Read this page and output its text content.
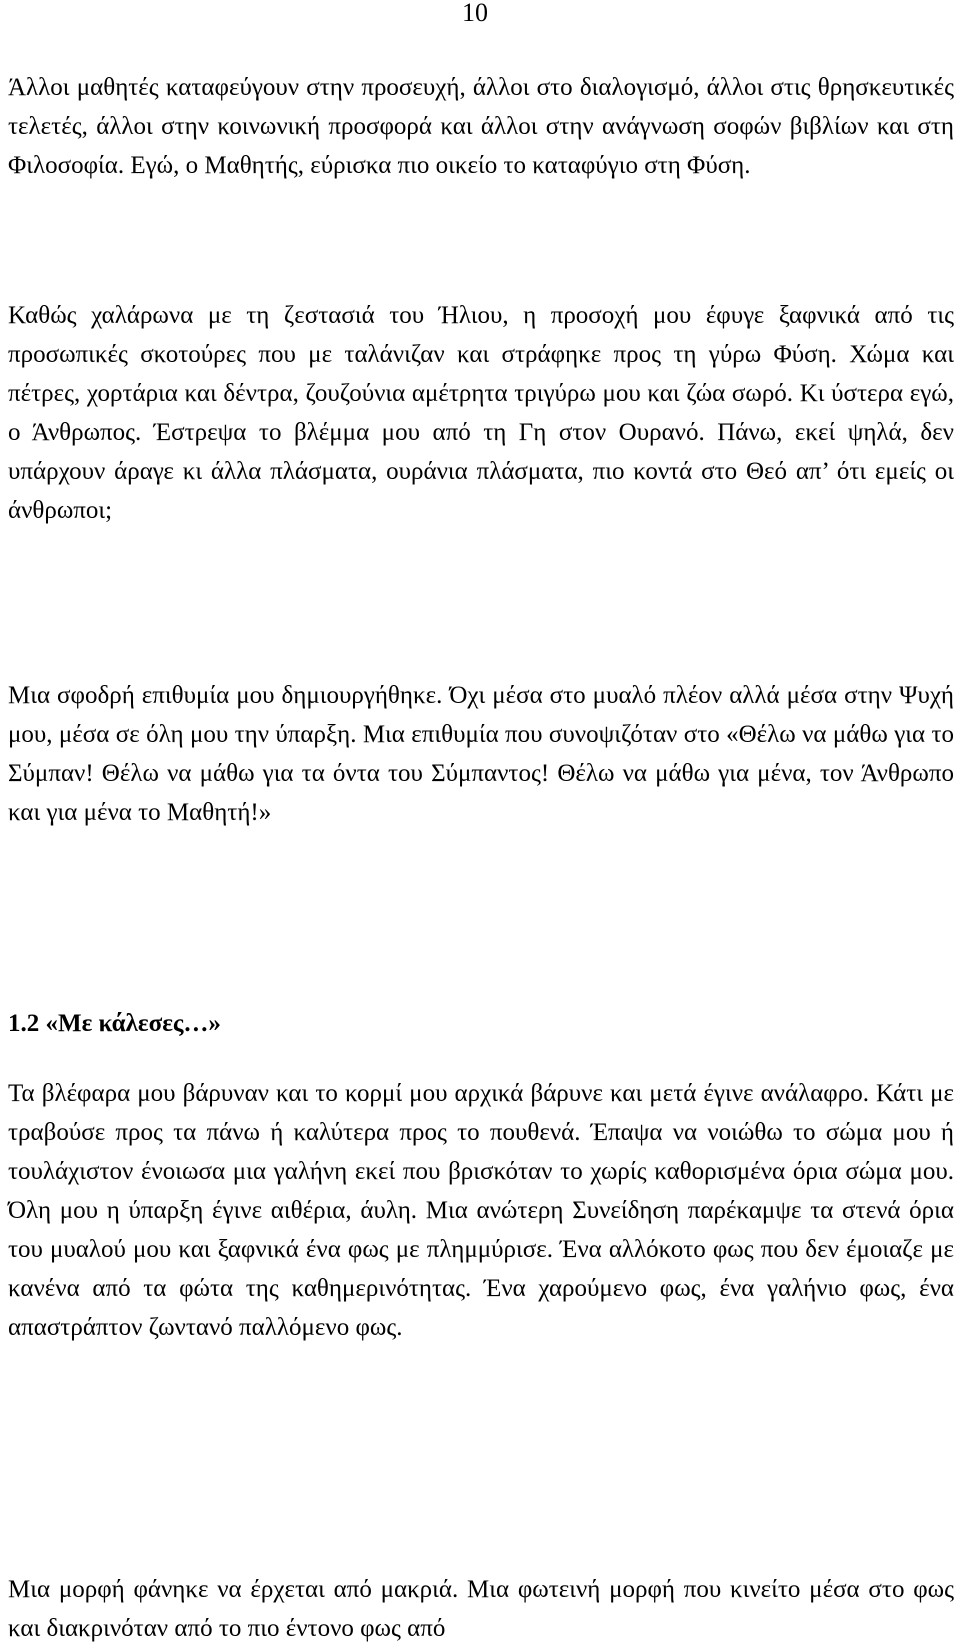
10

Άλλοι μαθητές καταφεύγουν στην προσευχή, άλλοι στο διαλογισμό, άλλοι στις θρησκευτικές τελετές, άλλοι στην κοινωνική προσφορά και άλλοι στην ανάγνωση σοφών βιβλίων και στη Φιλοσοφία. Εγώ, ο Μαθητής, εύρισκα πιο οικείο το καταφύγιο στη Φύση.

Καθώς χαλάρωνα με τη ζεστασιά του Ήλιου, η προσοχή μου έφυγε ξαφνικά από τις προσωπικές σκοτούρες που με ταλάνιζαν και στράφηκε προς τη γύρω Φύση. Χώμα και πέτρες, χορτάρια και δέντρα, ζουζούνια αμέτρητα τριγύρω μου και ζώα σωρό. Κι ύστερα εγώ, ο Άνθρωπος. Έστρεψα το βλέμμα μου από τη Γη στον Ουρανό. Πάνω, εκεί ψηλά, δεν υπάρχουν άραγε κι άλλα πλάσματα, ουράνια πλάσματα, πιο κοντά στο Θεό απ’ ότι εμείς οι άνθρωποι;

Μια σφοδρή επιθυμία μου δημιουργήθηκε. Όχι μέσα στο μυαλό πλέον αλλά μέσα στην Ψυχή μου, μέσα σε όλη μου την ύπαρξη. Μια επιθυμία που συνοψιζόταν στο «Θέλω να μάθω για το Σύμπαν! Θέλω να μάθω για τα όντα του Σύμπαντος! Θέλω να μάθω για μένα, τον Άνθρωπο και για μένα το Μαθητή!»

1.2 «Με κάλεσες…»

Τα βλέφαρα μου βάρυναν και το κορμί μου αρχικά βάρυνε και μετά έγινε ανάλαφρο. Κάτι με τραβούσε προς τα πάνω ή καλύτερα προς το πουθενά. Έπαψα να νοιώθω το σώμα μου ή τουλάχιστον ένοιωσα μια γαλήνη εκεί που βρισκόταν το χωρίς καθορισμένα όρια σώμα μου. Όλη μου η ύπαρξη έγινε αιθέρια, άυλη. Μια ανώτερη Συνείδηση παρέκαμψε τα στενά όρια του μυαλού μου και ξαφνικά ένα φως με πλημμύρισε. Ένα αλλόκοτο φως που δεν έμοιαζε με κανένα από τα φώτα της καθημερινότητας. Ένα χαρούμενο φως, ένα γαλήνιο φως, ένα απαστράπτον ζωντανό παλλόμενο φως.

Μια μορφή φάνηκε να έρχεται από μακριά. Μια φωτεινή μορφή που κινείτο μέσα στο φως και διακρινόταν από το πιο έντονο φως από
